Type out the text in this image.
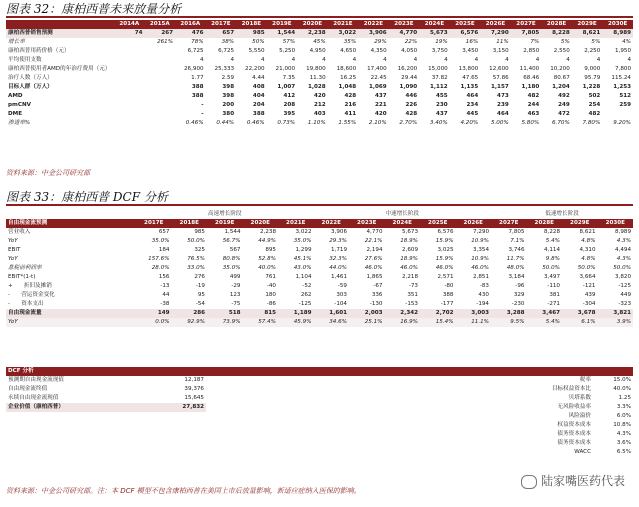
图表 32：康柏西普未来放量分析
	2014A	2015A	2016A	2017E	2018E	2019E	2020E	2021E	2022E	2023E	2024E	2025E	2026E	2027E	2028E	2029E	2030E
康柏西普销售预测	74	267	476	657	985	1,544	2,238	3,022	3,906	4,770	5,673	6,576	7,290	7,805	8,228	8,621	8,989
增长率		261%	78%	38%	50%	57%	45%	35%	29%	22%	19%	16%	11%	7%	5%	5%	4%
康柏西普用药价格（元）			6,725	6,725	5,550	5,250	4,950	4,650	4,350	4,050	3,750	3,450	3,150	2,850	2,550	2,250	1,950
平均使用支数			4	4	4	4	4	4	4	4	4	4	4	4	4	4	4
康柏西普使用者AMD的年治疗费用（元）			26,900	25,333	22,200	21,000	19,800	18,600	17,400	16,200	15,000	13,800	12,600	11,400	10,200	9,000	7,800
治疗人数（万人）			1.77	2.59	4.44	7.35	11.30	16.25	22.45	29.44	37.82	47.65	57.86	68.46	80.67	95.79	115.24
目标人群（万人）			388	398	408	1,007	1,028	1,048	1,069	1,090	1,112	1,135	1,157	1,180	1,204	1,228	1,253
AMD			388	398	404	412	420	428	437	446	455	464	473	482	492	502	512
pmCNV			-	200	204	208	212	216	221	226	230	234	239	244	249	254	259
DME			-	380	388	395	403	411	420	428	437	445	464	463	472	482	
渗透率%			0.46%	0.44%	0.46%	0.73%	1.10%	1.55%	2.10%	2.70%	3.40%	4.20%	5.00%	5.80%	6.70%	7.80%	9.20%
资料来源：中金公司研究部
图表 33：康柏西普 DCF 分析
	高速增长阶段					中速增长阶段					低速增长阶段			
自由现金流预测	2017E	2018E	2019E	2020E	2021E	2022E	2023E	2024E	2025E	2026E	2027E	2028E	2029E	2030E
营业收入	657	985	1,544	2,238	3,022	3,906	4,770	5,673	6,576	7,290	7,805	8,228	8,621	8,989
YoY	35.0%	50.0%	56.7%	44.9%	35.0%	29.3%	22.1%	18.9%	15.9%	10.9%	7.1%	5.4%	4.8%	4.3%
EBIT	184	325	567	895	1,299	1,719	2,194	2,609	3,025	3,354	3,746	4,114	4,310	4,494
YoY	157.6%	76.5%	80.8%	52.8%	45.1%	32.3%	27.6%	18.9%	15.9%	10.9%	11.7%	9.8%	4.8%	4.3%
息税前利润率	28.0%	33.0%	35.0%	40.0%	43.0%	44.0%	46.0%	46.0%	46.0%	46.0%	48.0%	50.0%	50.0%	50.0%
EBIT*(1-t)	156	276	499	761	1,104	1,461	1,865	2,218	2,571	2,851	3,184	3,497	3,664	3,820
+　　折旧及摊销	-13	-19	-29	-40	-52	-59	-67	-73	-80	-83	-96	-110	-121	-125
-　　营运资金变化	44	95	123	180	262	303	336	351	388	430	329	381	439	449
-　　资本支出	-38	-54	-75	-86	-125	-104	-130	-153	-177	-194	-230	-271	-304	-323
自由现金流量	149	286	518	815	1,189	1,601	2,003	2,342	2,702	3,003	3,288	3,467	3,678	3,821
YoY	0.0%	92.9%	73.9%	57.4%	45.9%	34.6%	25.1%	16.9%	15.4%	11.1%	9.5%	5.4%	6.1%	3.9%
DCF 分析				
预测期自由现金流现值	12,187		税率	15.0%
自由现金流终值	39,376		目标权益资本比	40.0%
永续自由现金流现值	15,645		贝塔系数	1.25
企业价值（康柏西普）	27,832		无风险收益率	3.3%
			风险溢价	6.0%
			权益资本成本	10.8%
			债务资本成本	4.3%
			债务资本成本	3.6%
			WACC	6.5%
资料来源：中金公司研究部。注：本 DCF 模型不包含康柏西普在美国上市后放量影响，新适应症纳入医保的影响。
陆家嘴医药代表
